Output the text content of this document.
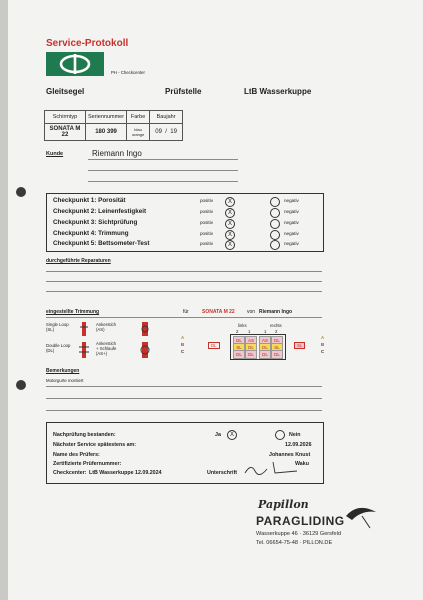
Service-Protokoll
PH - Checkcenter
Gleitsegel	Prüfstelle	LtB Wasserkuppe
Schirmtyp	Seriennummer	Farbe	Baujahr
SONATA M 22	180 399	blau orange	09  /  19
Kunde	Riemann Ingo
Checkpunkt 1: Porosität	positiv	X	negativ
Checkpunkt 2: Leinenfestigkeit	positiv	X	negativ
Checkpunkt 3: Sichtprüfung	positiv	X	negativ
Checkpunkt 4: Trimmung	positiv	X	negativ
Checkpunkt 5: Bettsometer-Test	positiv	X	negativ
durchgeführte Reparaturen
eingestellte Trimmung	für	SONATA M 22 von Riemann Ingo
Single Loop
(SL)
Ankerstich
(AS)
Double Loop
(DL)
Ankerstich
+ Schlaufe
(AS+)
A
B
C
DL
links	rechts
2 1	1 2
DL	AS	AS	DL
SL	DL	DL	SL
DL	DL	DL	DL
SL
A
B
C
Bemerkungen
Motorgurte montiert
Nachprüfung bestanden:	Ja	X	Nein
Nächster Service spätestens am:	12.09.2026
Name des Prüfers:	Johannes Knust
Zertifizierte Prüfernummer:	Waku
Checkcenter: LtB Wasserkuppe 12.09.2024	Unterschrift
Papillon
PARAGLIDING
Wasserkuppe 46 · 36129 Gersfeld
Tel. 06654-75-48 · PILLON.DE
